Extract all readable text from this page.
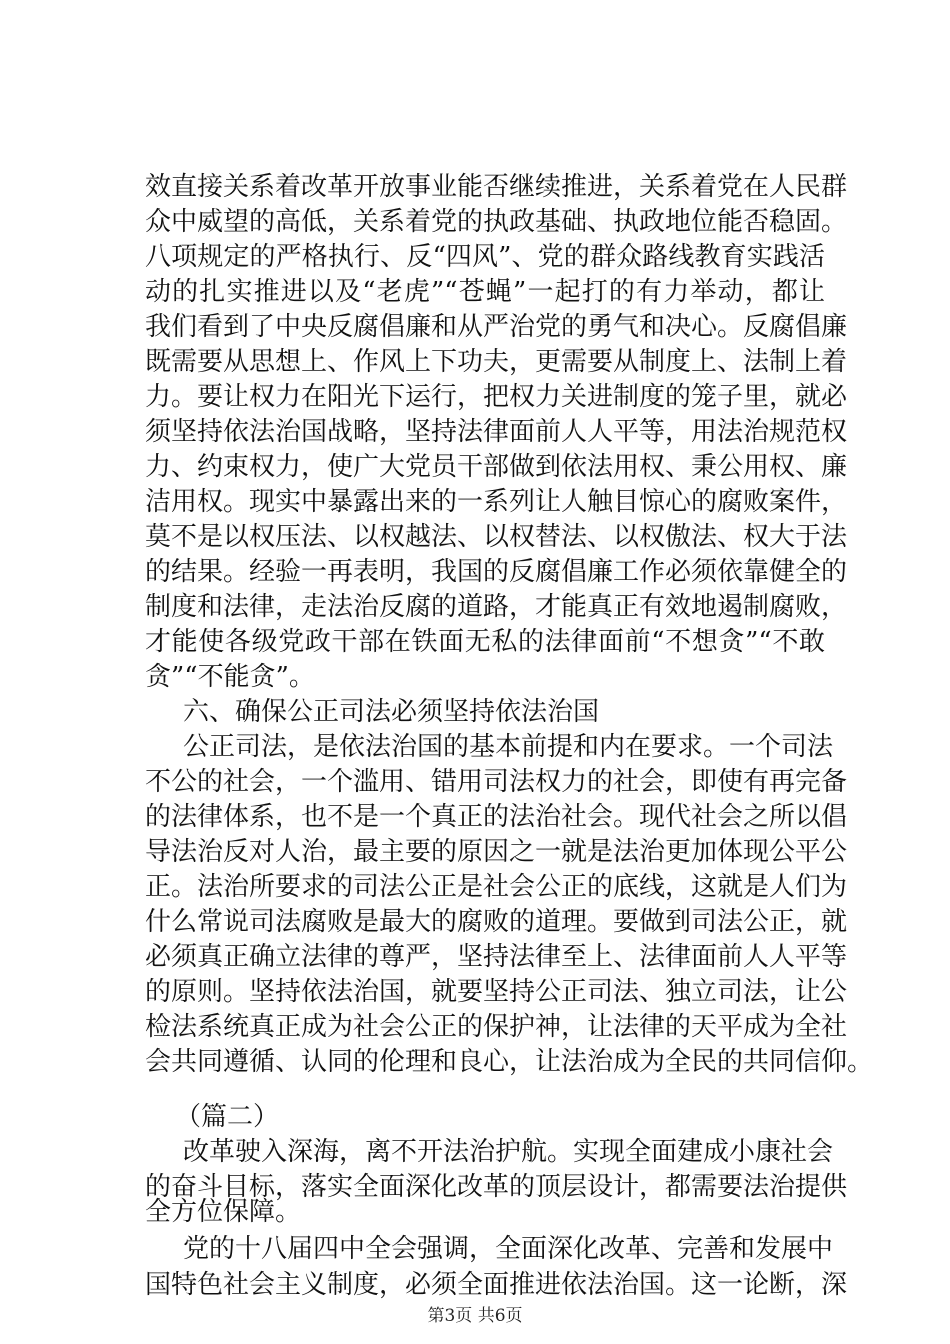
效直接关系着改革开放事业能否继续推进，关系着党在人民群
众中威望的高低，关系着党的执政基础、执政地位能否稳固。
八项规定的严格执行、反“四风”、党的群众路线教育实践活
动的扎实推进以及“老虎”“苍蝇”一起打的有力举动，都让
我们看到了中央反腐倡廉和从严治党的勇气和决心。反腐倡廉
既需要从思想上、作风上下功夫，更需要从制度上、法制上着
力。要让权力在阳光下运行，把权力关进制度的笼子里，就必
须坚持依法治国战略，坚持法律面前人人平等，用法治规范权
力、约束权力，使广大党员干部做到依法用权、秉公用权、廉
洁用权。现实中暴露出来的一系列让人触目惊心的腐败案件，
莫不是以权压法、以权越法、以权替法、以权傲法、权大于法
的结果。经验一再表明，我国的反腐倡廉工作必须依靠健全的
制度和法律，走法治反腐的道路，才能真正有效地遏制腐败，
才能使各级党政干部在铁面无私的法律面前“不想贪”“不敢
贪”“不能贪”。
六、确保公正司法必须坚持依法治国
公正司法，是依法治国的基本前提和内在要求。一个司法
不公的社会，一个滥用、错用司法权力的社会，即使有再完备
的法律体系，也不是一个真正的法治社会。现代社会之所以倡
导法治反对人治，最主要的原因之一就是法治更加体现公平公
正。法治所要求的司法公正是社会公正的底线，这就是人们为
什么常说司法腐败是最大的腐败的道理。要做到司法公正，就
必须真正确立法律的尊严，坚持法律至上、法律面前人人平等
的原则。坚持依法治国，就要坚持公正司法、独立司法，让公
检法系统真正成为社会公正的保护神，让法律的天平成为全社
会共同遵循、认同的伦理和良心，让法治成为全民的共同信仰。
（篇二）
改革驶入深海，离不开法治护航。实现全面建成小康社会
的奋斗目标，落实全面深化改革的顶层设计，都需要法治提供
全方位保障。
党的十八届四中全会强调，全面深化改革、完善和发展中
国特色社会主义制度，必须全面推进依法治国。这一论断，深
第3页 共6页
